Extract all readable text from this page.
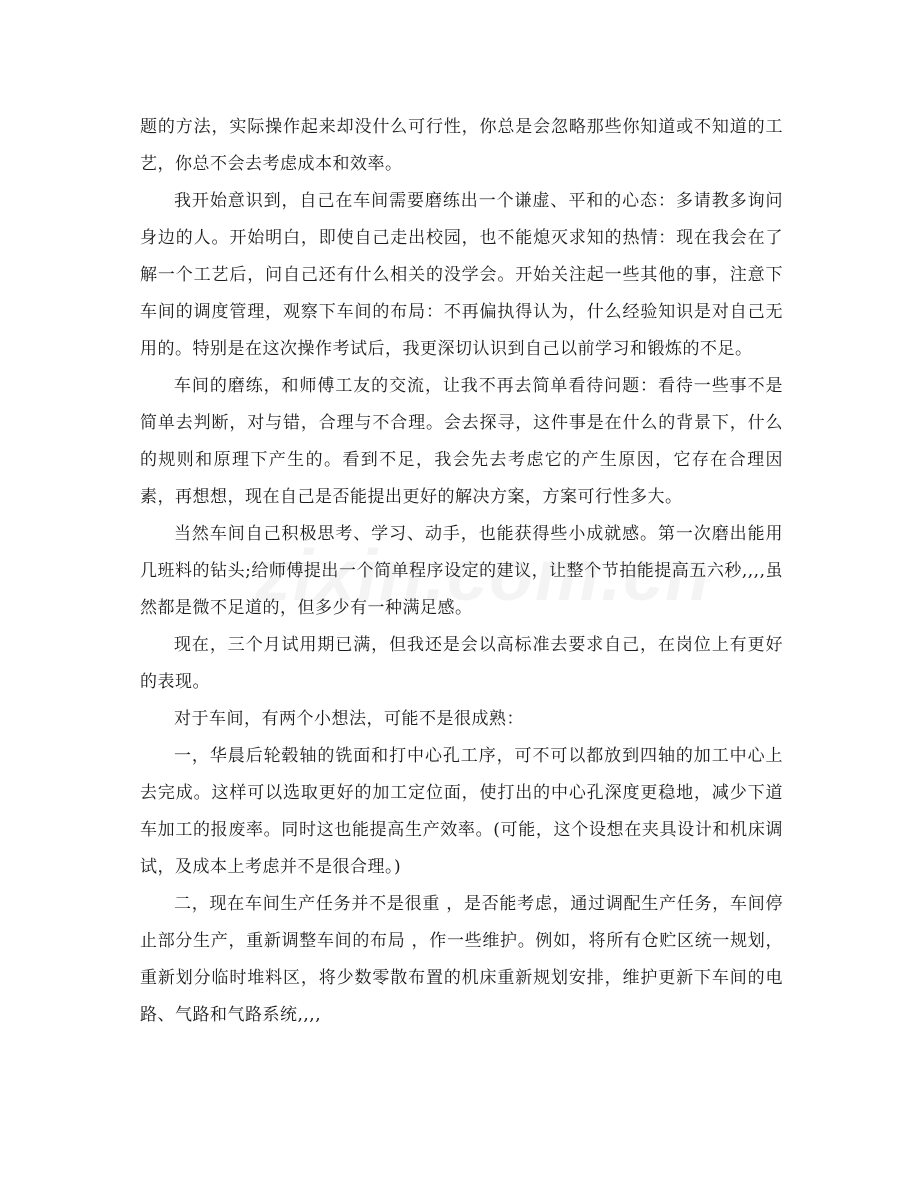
题的方法，实际操作起来却没什么可行性，你总是会忽略那些你知道或不知道的工艺，你总不会去考虑成本和效率。

我开始意识到，自己在车间需要磨练出一个谦虚、平和的心态：多请教多询问身边的人。开始明白，即使自己走出校园，也不能熄灭求知的热情：现在我会在了解一个工艺后，问自己还有什么相关的没学会。开始关注起一些其他的事，注意下车间的调度管理，观察下车间的布局：不再偏执得认为，什么经验知识是对自己无用的。特别是在这次操作考试后，我更深切认识到自己以前学习和锻炼的不足。

车间的磨练，和师傅工友的交流，让我不再去简单看待问题：看待一些事不是简单去判断，对与错，合理与不合理。会去探寻，这件事是在什么的背景下，什么的规则和原理下产生的。看到不足，我会先去考虑它的产生原因，它存在合理因素，再想想，现在自己是否能提出更好的解决方案，方案可行性多大。

当然车间自己积极思考、学习、动手，也能获得些小成就感。第一次磨出能用几班料的钻头;给师傅提出一个简单程序设定的建议，让整个节拍能提高五六秒,,,,虽然都是微不足道的，但多少有一种满足感。

现在，三个月试用期已满，但我还是会以高标准去要求自己，在岗位上有更好的表现。

对于车间，有两个小想法，可能不是很成熟：

一，华晨后轮毂轴的铣面和打中心孔工序，可不可以都放到四轴的加工中心上去完成。这样可以选取更好的加工定位面，使打出的中心孔深度更稳地，减少下道车加工的报废率。同时这也能提高生产效率。(可能，这个设想在夹具设计和机床调试，及成本上考虑并不是很合理。)

二，现在车间生产任务并不是很重 ，是否能考虑，通过调配生产任务，车间停止部分生产，重新调整车间的布局 ，作一些维护。例如，将所有仓贮区统一规划，重新划分临时堆料区，将少数零散布置的机床重新规划安排，维护更新下车间的电路、气路和气路系统,,,,
